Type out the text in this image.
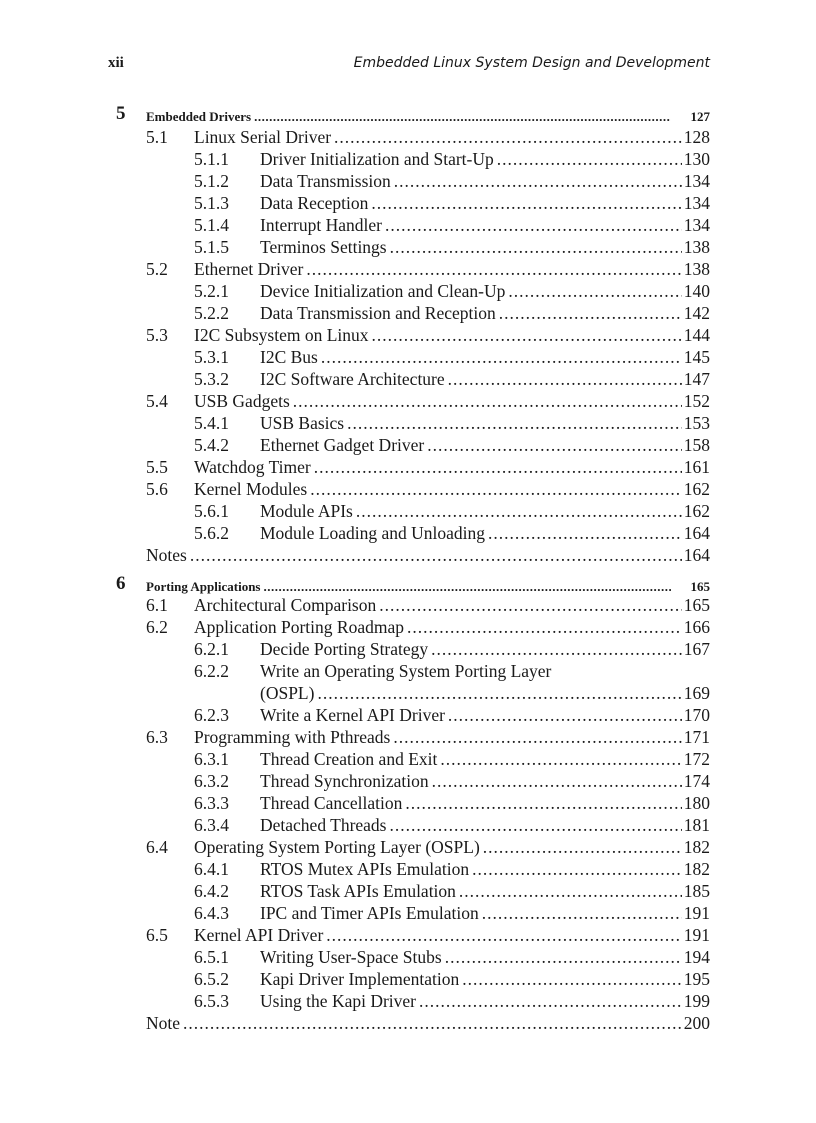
xii	Embedded Linux System Design and Development
5 Embedded Drivers .....	127
5.1 Linux Serial Driver .....	128
5.1.1 Driver Initialization and Start-Up .....	130
5.1.2 Data Transmission .....	134
5.1.3 Data Reception .....	134
5.1.4 Interrupt Handler .....	134
5.1.5 Terminos Settings .....	138
5.2 Ethernet Driver .....	138
5.2.1 Device Initialization and Clean-Up .....	140
5.2.2 Data Transmission and Reception .....	142
5.3 I2C Subsystem on Linux .....	144
5.3.1 I2C Bus .....	145
5.3.2 I2C Software Architecture .....	147
5.4 USB Gadgets .....	152
5.4.1 USB Basics .....	153
5.4.2 Ethernet Gadget Driver .....	158
5.5 Watchdog Timer .....	161
5.6 Kernel Modules .....	162
5.6.1 Module APIs .....	162
5.6.2 Module Loading and Unloading .....	164
Notes .....	164
6 Porting Applications .....	165
6.1 Architectural Comparison .....	165
6.2 Application Porting Roadmap .....	166
6.2.1 Decide Porting Strategy .....	167
6.2.2 Write an Operating System Porting Layer
(OSPL) .....	169
6.2.3 Write a Kernel API Driver .....	170
6.3 Programming with Pthreads .....	171
6.3.1 Thread Creation and Exit .....	172
6.3.2 Thread Synchronization .....	174
6.3.3 Thread Cancellation .....	180
6.3.4 Detached Threads .....	181
6.4 Operating System Porting Layer (OSPL) .....	182
6.4.1 RTOS Mutex APIs Emulation .....	182
6.4.2 RTOS Task APIs Emulation .....	185
6.4.3 IPC and Timer APIs Emulation .....	191
6.5 Kernel API Driver .....	191
6.5.1 Writing User-Space Stubs .....	194
6.5.2 Kapi Driver Implementation .....	195
6.5.3 Using the Kapi Driver .....	199
Note .....	200
